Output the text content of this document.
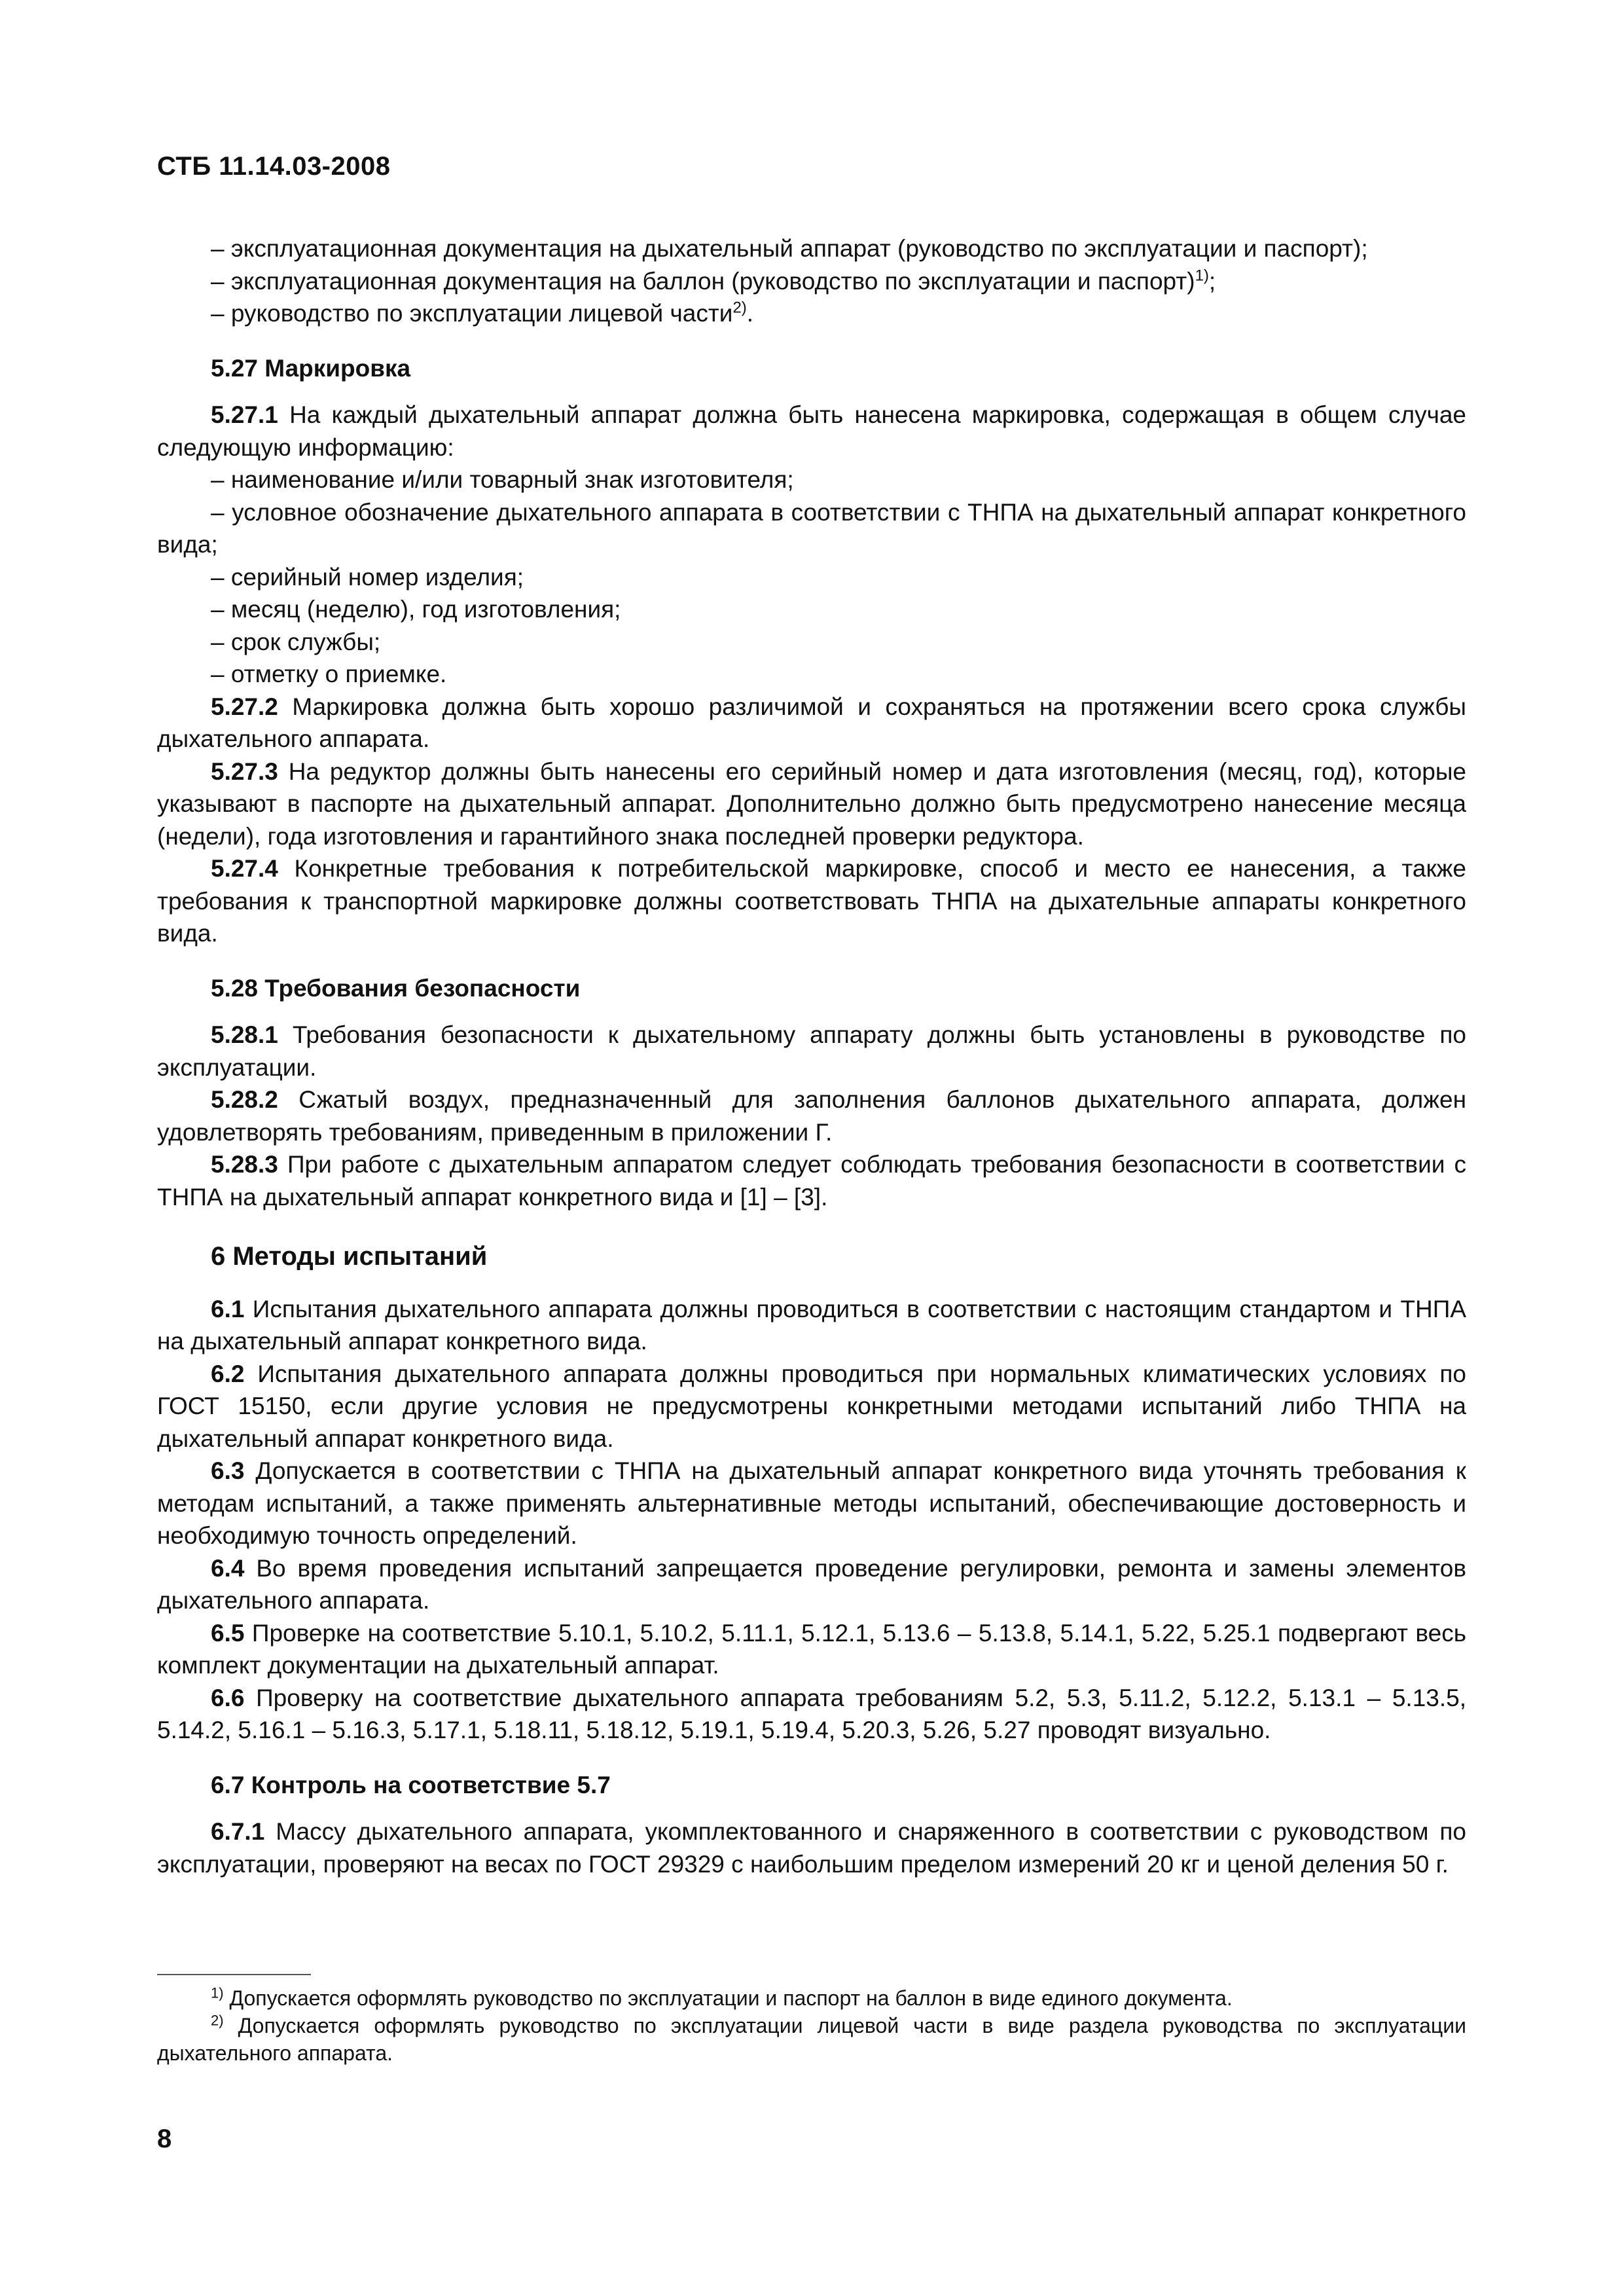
СТБ 11.14.03-2008

– эксплуатационная документация на дыхательный аппарат (руководство по эксплуатации и паспорт);

– эксплуатационная документация на баллон (руководство по эксплуатации и паспорт)$^{1)}$;

– руководство по эксплуатации лицевой части$^{2)}$.

5.27 Маркировка

5.27.1 На каждый дыхательный аппарат должна быть нанесена маркировка, содержащая в общем случае следующую информацию:

– наименование и/или товарный знак изготовителя;

– условное обозначение дыхательного аппарата в соответствии с ТНПА на дыхательный аппарат конкретного вида;

– серийный номер изделия;

– месяц (неделю), год изготовления;

– срок службы;

– отметку о приемке.

5.27.2 Маркировка должна быть хорошо различимой и сохраняться на протяжении всего срока службы дыхательного аппарата.

5.27.3 На редуктор должны быть нанесены его серийный номер и дата изготовления (месяц, год), которые указывают в паспорте на дыхательный аппарат. Дополнительно должно быть предусмотрено нанесение месяца (недели), года изготовления и гарантийного знака последней проверки редуктора.

5.27.4 Конкретные требования к потребительской маркировке, способ и место ее нанесения, а также требования к транспортной маркировке должны соответствовать ТНПА на дыхательные аппараты конкретного вида.

5.28 Требования безопасности

5.28.1 Требования безопасности к дыхательному аппарату должны быть установлены в руководстве по эксплуатации.

5.28.2 Сжатый воздух, предназначенный для заполнения баллонов дыхательного аппарата, должен удовлетворять требованиям, приведенным в приложении Г.

5.28.3 При работе с дыхательным аппаратом следует соблюдать требования безопасности в соответствии с ТНПА на дыхательный аппарат конкретного вида и [1] – [3].

6 Методы испытаний

6.1 Испытания дыхательного аппарата должны проводиться в соответствии с настоящим стандартом и ТНПА на дыхательный аппарат конкретного вида.

6.2 Испытания дыхательного аппарата должны проводиться при нормальных климатических условиях по ГОСТ 15150, если другие условия не предусмотрены конкретными методами испытаний либо ТНПА на дыхательный аппарат конкретного вида.

6.3 Допускается в соответствии с ТНПА на дыхательный аппарат конкретного вида уточнять требования к методам испытаний, а также применять альтернативные методы испытаний, обеспечивающие достоверность и необходимую точность определений.

6.4 Во время проведения испытаний запрещается проведение регулировки, ремонта и замены элементов дыхательного аппарата.

6.5 Проверке на соответствие 5.10.1, 5.10.2, 5.11.1, 5.12.1, 5.13.6 – 5.13.8, 5.14.1, 5.22, 5.25.1 подвергают весь комплект документации на дыхательный аппарат.

6.6 Проверку на соответствие дыхательного аппарата требованиям 5.2, 5.3, 5.11.2, 5.12.2, 5.13.1 – 5.13.5, 5.14.2, 5.16.1 – 5.16.3, 5.17.1, 5.18.11, 5.18.12, 5.19.1, 5.19.4, 5.20.3, 5.26, 5.27 проводят визуально.

6.7 Контроль на соответствие 5.7

6.7.1 Массу дыхательного аппарата, укомплектованного и снаряженного в соответствии с руководством по эксплуатации, проверяют на весах по ГОСТ 29329 с наибольшим пределом измерений 20 кг и ценой деления 50 г.

$^{1)}$ Допускается оформлять руководство по эксплуатации и паспорт на баллон в виде единого документа.

$^{2)}$ Допускается оформлять руководство по эксплуатации лицевой части в виде раздела руководства по эксплуатации дыхательного аппарата.

8
